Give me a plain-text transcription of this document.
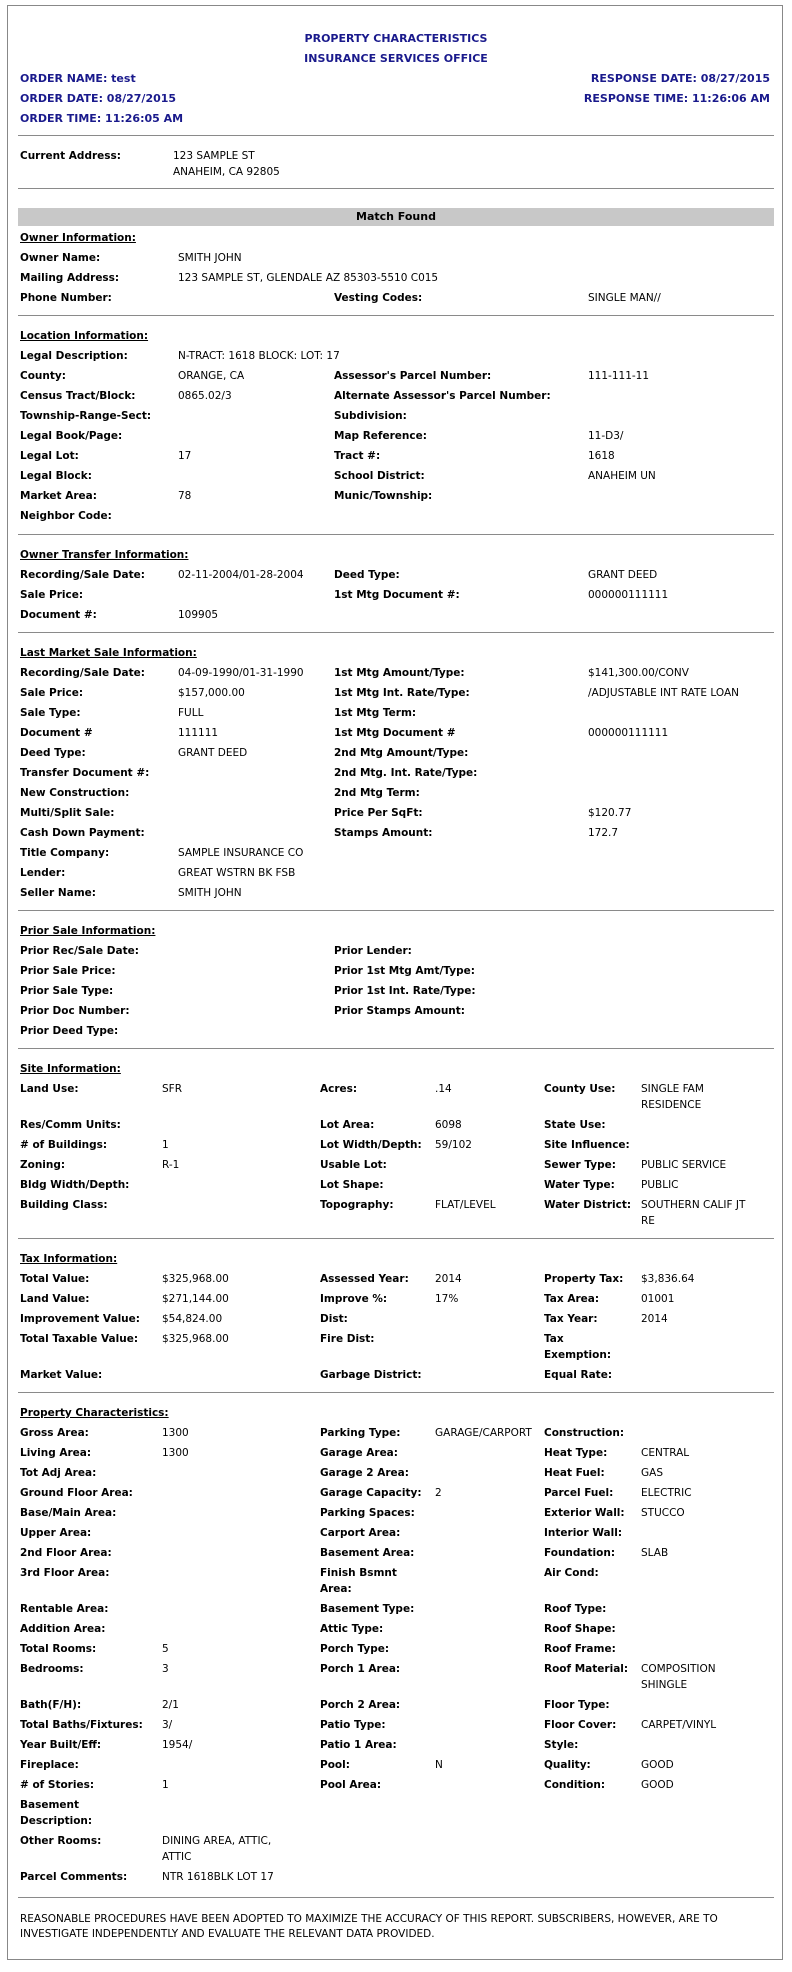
PROPERTY CHARACTERISTICS
INSURANCE SERVICES OFFICE
ORDER NAME: test
ORDER DATE: 08/27/2015
ORDER TIME: 11:26:05 AM
RESPONSE DATE: 08/27/2015
RESPONSE TIME: 11:26:06 AM
Current Address:	123 SAMPLE ST
ANAHEIM, CA 92805
Match Found
Owner Information:
Owner Name:	SMITH JOHN
Mailing Address:	123 SAMPLE ST, GLENDALE AZ 85303-5510 C015
Phone Number:	Vesting Codes:	SINGLE MAN//
Location Information:
Legal Description:	N-TRACT: 1618 BLOCK: LOT: 17
County:	ORANGE, CA	Assessor's Parcel Number:	111-111-11
Census Tract/Block:	0865.02/3	Alternate Assessor's Parcel Number:
Township-Range-Sect:	Subdivision:
Legal Book/Page:	Map Reference:	11-D3/
Legal Lot:	17	Tract #:	1618
Legal Block:	School District:	ANAHEIM UN
Market Area:	78	Munic/Township:
Neighbor Code:
Owner Transfer Information:
Recording/Sale Date:	02-11-2004/01-28-2004	Deed Type:	GRANT DEED
Sale Price:	1st Mtg Document #:	000000111111
Document #:	109905
Last Market Sale Information:
Recording/Sale Date:	04-09-1990/01-31-1990	1st Mtg Amount/Type:	$141,300.00/CONV
Sale Price:	$157,000.00	1st Mtg Int. Rate/Type:	/ADJUSTABLE INT RATE LOAN
Sale Type:	FULL	1st Mtg Term:
Document #	111111	1st Mtg Document #	000000111111
Deed Type:	GRANT DEED	2nd Mtg Amount/Type:
Transfer Document #:	2nd Mtg. Int. Rate/Type:
New Construction:	2nd Mtg Term:
Multi/Split Sale:	Price Per SqFt:	$120.77
Cash Down Payment:	Stamps Amount:	172.7
Title Company:	SAMPLE INSURANCE CO
Lender:	GREAT WSTRN BK FSB
Seller Name:	SMITH JOHN
Prior Sale Information:
Prior Rec/Sale Date:	Prior Lender:
Prior Sale Price:	Prior 1st Mtg Amt/Type:
Prior Sale Type:	Prior 1st Int. Rate/Type:
Prior Doc Number:	Prior Stamps Amount:
Prior Deed Type:
Site Information:
Land Use:	SFR	Acres:	.14	County Use: SINGLE FAM
RESIDENCE
Res/Comm Units:	Lot Area:	6098	State Use:
# of Buildings:	1	Lot Width/Depth: 59/102	Site Influence:
Zoning:	R-1	Usable Lot:	Sewer Type: PUBLIC SERVICE
Bldg Width/Depth:	Lot Shape:	Water Type: PUBLIC
Building Class:	Topography:	FLAT/LEVEL	Water District: SOUTHERN CALIF JT
RE
Tax Information:
Total Value:	$325,968.00	Assessed Year: 2014	Property Tax: $3,836.64
Land Value:	$271,144.00	Improve %:	17%	Tax Area:	01001
Improvement Value: $54,824.00	Dist:	Tax Year:	2014
Total Taxable Value: $325,968.00	Fire Dist:	Tax
Exemption:
Market Value:	Garbage District:	Equal Rate:
Property Characteristics:
Gross Area:	1300	Parking Type:	GARAGE/CARPORT Construction:
Living Area:	1300	Garage Area:	Heat Type:	CENTRAL
Tot Adj Area:	Garage 2 Area:	Heat Fuel:	GAS
Ground Floor Area:	Garage Capacity: 2	Parcel Fuel:	ELECTRIC
Base/Main Area:	Parking Spaces:	Exterior Wall: STUCCO
Upper Area:	Carport Area:	Interior Wall:
2nd Floor Area:	Basement Area:	Foundation: SLAB
3rd Floor Area:	Finish Bsmnt
Area:
Air Cond:
Rentable Area:	Basement Type:	Roof Type:
Addition Area:	Attic Type:	Roof Shape:
Total Rooms:	5	Porch Type:	Roof Frame:
Bedrooms:	3	Porch 1 Area:	Roof Material: COMPOSITION
SHINGLE
Bath(F/H):	2/1	Porch 2 Area:	Floor Type:
Total Baths/Fixtures: 3/	Patio Type:	Floor Cover: CARPET/VINYL
Year Built/Eff:	1954/	Patio 1 Area:	Style:
Fireplace:	Pool:	N	Quality:	GOOD
# of Stories:	1	Pool Area:	Condition:	GOOD
Basement
Description:
Other Rooms:	DINING AREA, ATTIC,
ATTIC
Parcel Comments:	NTR 1618BLK LOT 17
REASONABLE PROCEDURES HAVE BEEN ADOPTED TO MAXIMIZE THE ACCURACY OF THIS REPORT. SUBSCRIBERS, HOWEVER, ARE TO INVESTIGATE INDEPENDENTLY AND EVALUATE THE RELEVANT DATA PROVIDED.
